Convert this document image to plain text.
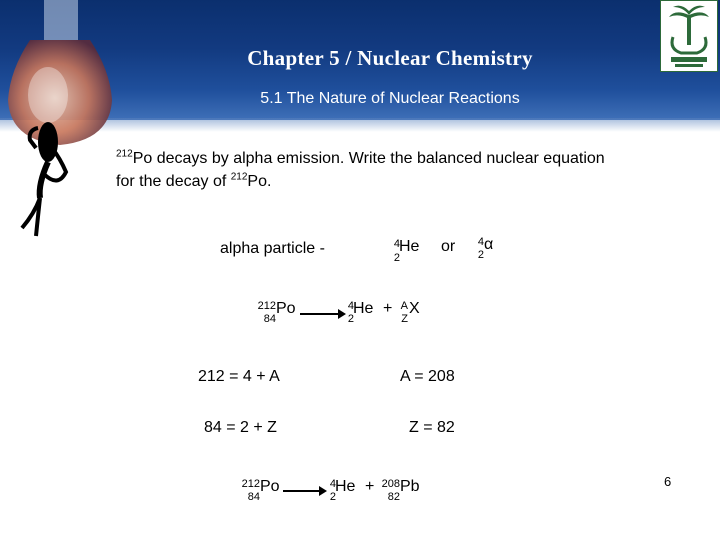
Chapter 5 / Nuclear Chemistry
5.1 The Nature of Nuclear Reactions
$^{212}$Po decays by alpha emission. Write the balanced nuclear equation
for the decay of $^{212}$Po.
alpha particle -	4
2
He or	4
2
α
212
84
Po →
4
2
He + A
Z
X
212 = 4 + A	A = 208
84 = 2 + Z	Z = 82
212
84
Po →
4
2
He + 208
82
Pb	6
